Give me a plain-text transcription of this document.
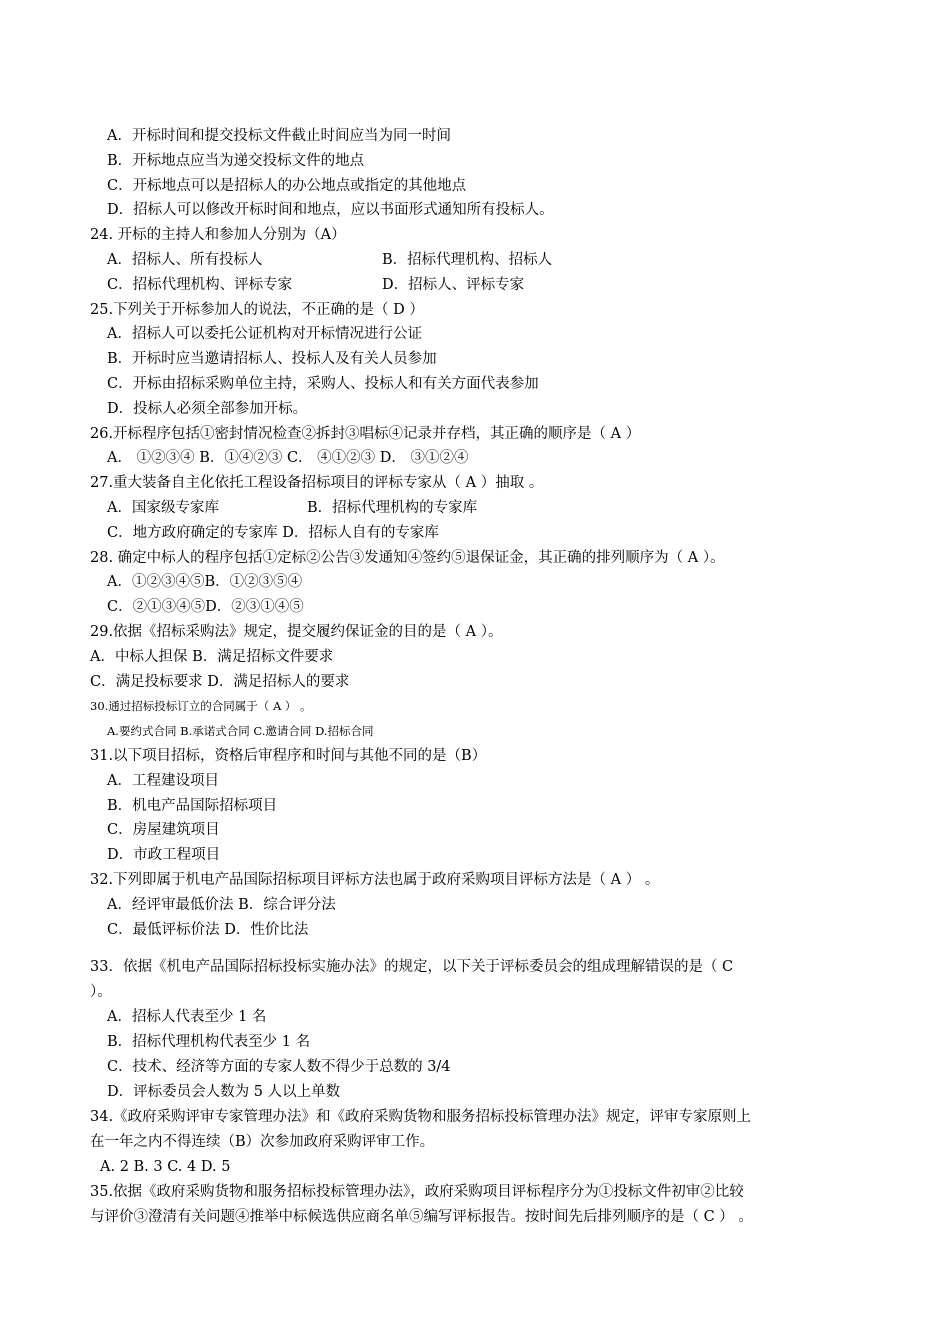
A．开标时间和提交投标文件截止时间应当为同一时间
B．开标地点应当为递交投标文件的地点
C．开标地点可以是招标人的办公地点或指定的其他地点
D．招标人可以修改开标时间和地点，应以书面形式通知所有投标人。
24. 开标的主持人和参加人分别为（A）
A．招标人、所有投标人	B．招标代理机构、招标人
C．招标代理机构、评标专家	D．招标人、评标专家
25.下列关于开标参加人的说法，不正确的是（ D ）
A．招标人可以委托公证机构对开标情况进行公证
B．开标时应当邀请招标人、投标人及有关人员参加
C．开标由招标采购单位主持，采购人、投标人和有关方面代表参加
D．投标人必须全部参加开标。
26.开标程序包括①密封情况检查②拆封③唱标④记录并存档，其正确的顺序是（ A ）
A． ①②③④ B．①④②③ C． ④①②③ D． ③①②④
27.重大装备自主化依托工程设备招标项目的评标专家从（ A ）抽取 。
A．国家级专家库	B．招标代理机构的专家库
C．地方政府确定的专家库 D．招标人自有的专家库
28. 确定中标人的程序包括①定标②公告③发通知④签约⑤退保证金，其正确的排列顺序为（ A ）。
A．①②③④⑤B．①②③⑤④
C．②①③④⑤D．②③①④⑤
29.依据《招标采购法》规定，提交履约保证金的目的是（ A ）。
A．中标人担保 B．满足招标文件要求
C．满足投标要求 D．满足招标人的要求
30.通过招标投标订立的合同属于（ A ） 。
A.要约式合同 B.承诺式合同 C.邀请合同 D.招标合同
31.以下项目招标，资格后审程序和时间与其他不同的是（B）
A．工程建设项目
B．机电产品国际招标项目
C．房屋建筑项目
D．市政工程项目
32.下列即属于机电产品国际招标项目评标方法也属于政府采购项目评标方法是（ A ） 。
A．经评审最低价法 B．综合评分法
C．最低评标价法 D．性价比法
33．依据《机电产品国际招标投标实施办法》的规定，以下关于评标委员会的组成理解错误的是（ C
）。
A．招标人代表至少 1 名
B．招标代理机构代表至少 1 名
C．技术、经济等方面的专家人数不得少于总数的 3/4
D．评标委员会人数为 5 人以上单数
34.《政府采购评审专家管理办法》和《政府采购货物和服务招标投标管理办法》规定，评审专家原则上
在一年之内不得连续（B）次参加政府采购评审工作。
A. 2 B. 3 C. 4 D. 5
35.依据《政府采购货物和服务招标投标管理办法》，政府采购项目评标程序分为①投标文件初审②比较
与评价③澄清有关问题④推举中标候选供应商名单⑤编写评标报告。按时间先后排列顺序的是（ C ） 。
